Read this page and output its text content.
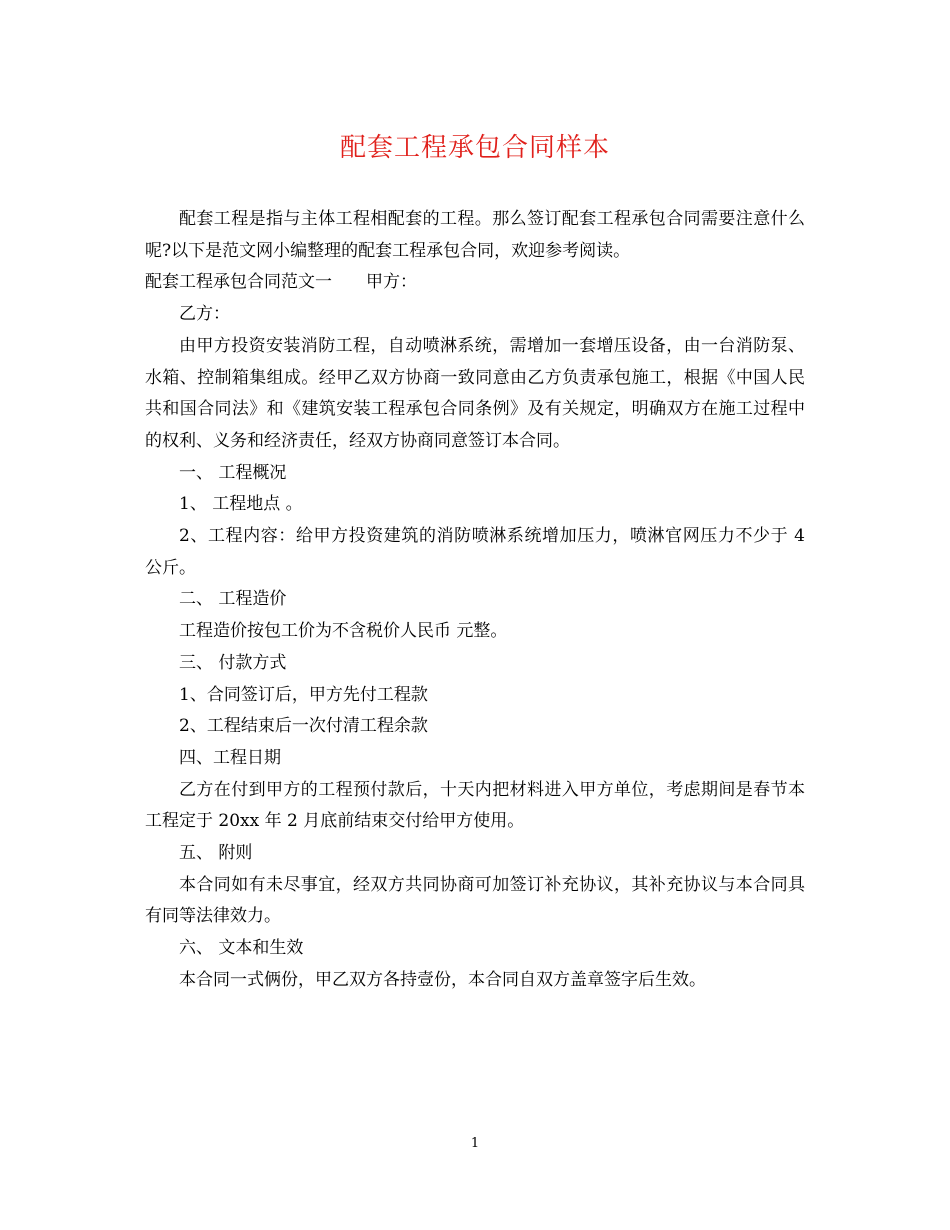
配套工程承包合同样本

配套工程是指与主体工程相配套的工程。那么签订配套工程承包合同需要注意什么呢?以下是范文网小编整理的配套工程承包合同，欢迎参考阅读。

配套工程承包合同范文一　　甲方：

乙方：

由甲方投资安装消防工程，自动喷淋系统，需增加一套增压设备，由一台消防泵、水箱、控制箱集组成。经甲乙双方协商一致同意由乙方负责承包施工，根据《中国人民共和国合同法》和《建筑安装工程承包合同条例》及有关规定，明确双方在施工过程中的权利、义务和经济责任，经双方协商同意签订本合同。

一、 工程概况

1、 工程地点 。

2、工程内容：给甲方投资建筑的消防喷淋系统增加压力，喷淋官网压力不少于 4 公斤。

二、 工程造价

工程造价按包工价为不含税价人民币 元整。

三、 付款方式

1、合同签订后，甲方先付工程款

2、工程结束后一次付清工程余款

四、工程日期

乙方在付到甲方的工程预付款后，十天内把材料进入甲方单位，考虑期间是春节本工程定于 20xx 年 2 月底前结束交付给甲方使用。

五、 附则

本合同如有未尽事宜，经双方共同协商可加签订补充协议，其补充协议与本合同具有同等法律效力。

六、 文本和生效

本合同一式俩份，甲乙双方各持壹份，本合同自双方盖章签字后生效。

1
